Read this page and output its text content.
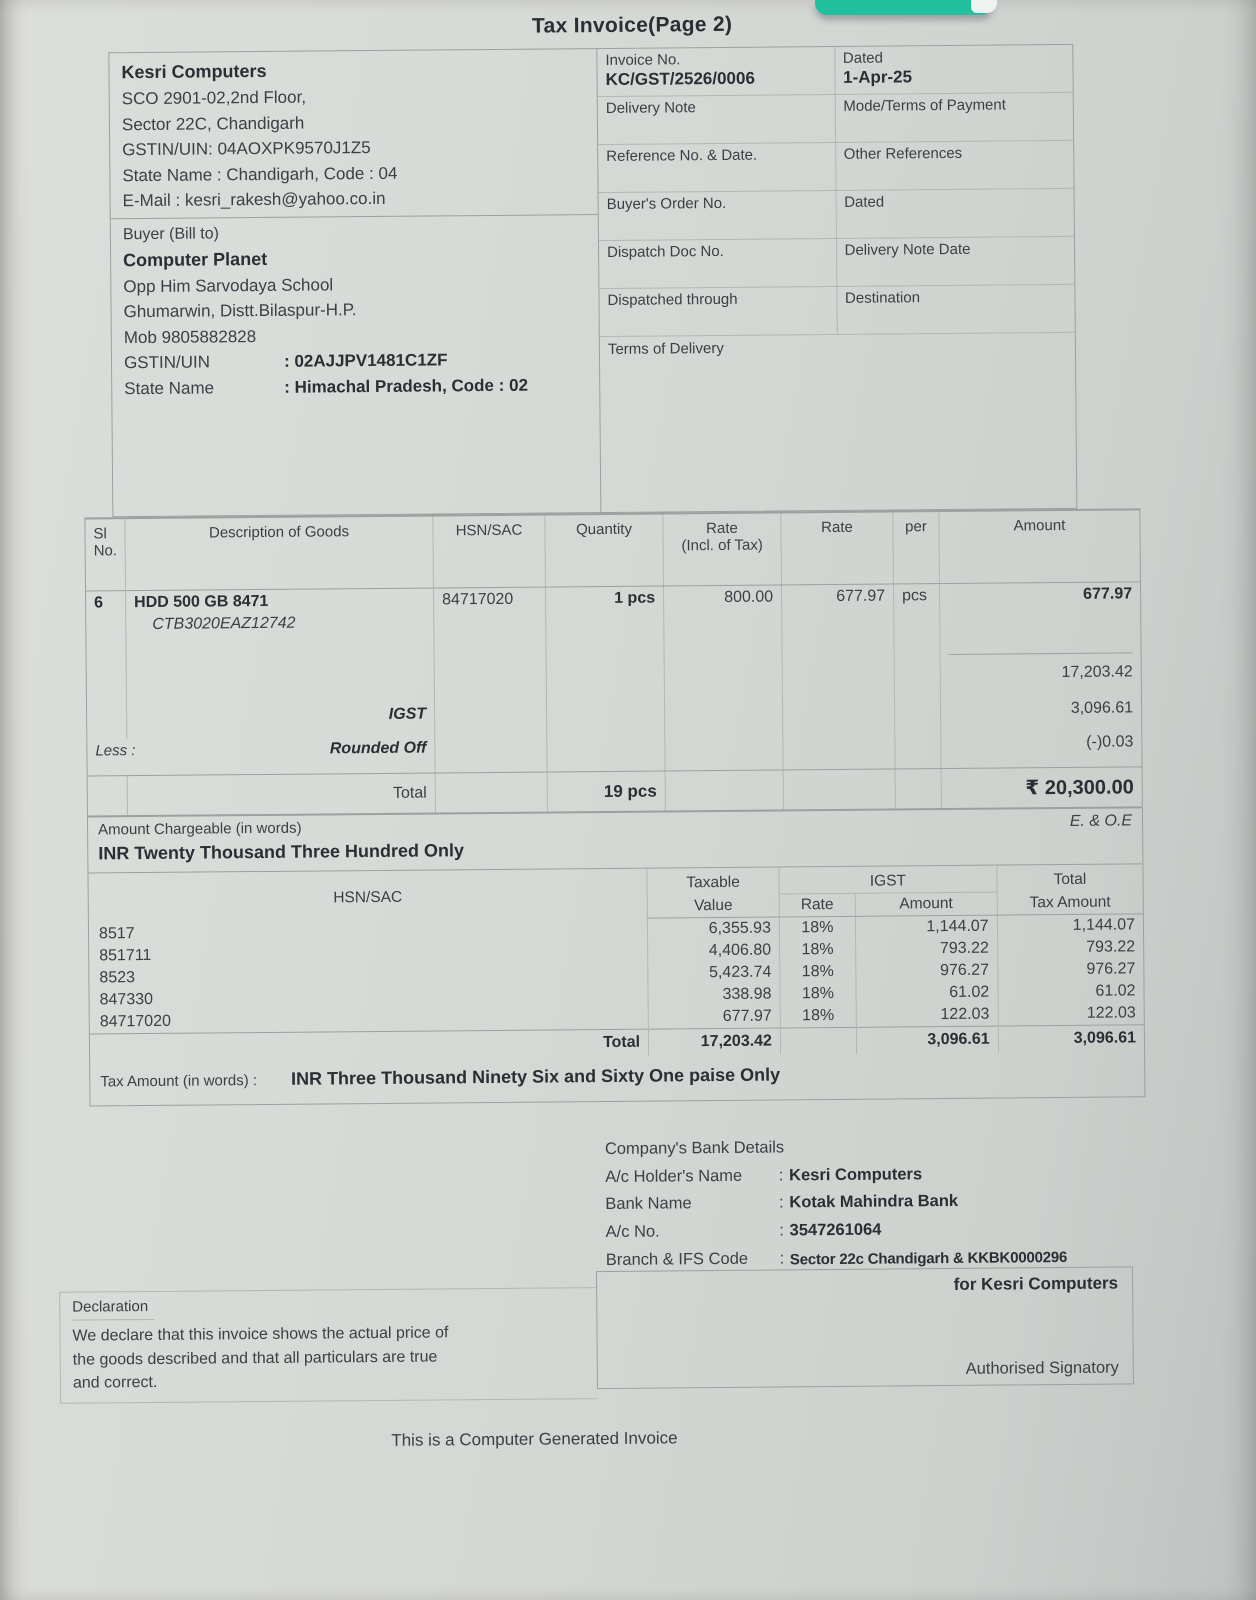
Tax Invoice(Page 2)
Kesri Computers
SCO 2901-02,2nd Floor,
Sector 22C, Chandigarh
GSTIN/UIN: 04AOXPK9570J1Z5
State Name : Chandigarh, Code : 04
E-Mail : kesri_rakesh@yahoo.co.in
Buyer (Bill to)
Computer Planet
Opp Him Sarvodaya School
Ghumarwin, Distt.Bilaspur-H.P.
Mob 9805882828
GSTIN/UIN	: 02AJJPV1481C1ZF
State Name	: Himachal Pradesh, Code : 02
Invoice No.
KC/GST/2526/0006
Dated
1-Apr-25
Delivery Note	Mode/Terms of Payment
Reference No. & Date.	Other References
Buyer's Order No.	Dated
Dispatch Doc No.	Delivery Note Date
Dispatched through	Destination
Terms of Delivery
Sl
No.
Description of Goods	HSN/SAC	Quantity	Rate
(Incl. of Tax)
Rate	per	Amount
6	HDD 500 GB 8471
CTB3020EAZ12742
84717020	1 pcs	800.00	677.97	pcs	677.97
17,203.42
IGST	3,096.61
Less :	Rounded Off	(-)0.03
Total	19 pcs	₹ 20,300.00
Amount Chargeable (in words)	E. & O.E
INR Twenty Thousand Three Hundred Only
HSN/SAC	Taxable	IGST		Total
	Value	Rate	Amount	Tax Amount
8517	6,355.93	18%	1,144.07	1,144.07
851711	4,406.80	18%	793.22	793.22
8523	5,423.74	18%	976.27	976.27
847330	338.98	18%	61.02	61.02
84717020	677.97	18%	122.03	122.03
Total	17,203.42		3,096.61	3,096.61
Tax Amount (in words) : INR Three Thousand Ninety Six and Sixty One paise Only
Company's Bank Details
A/c Holder's Name	: Kesri Computers
Bank Name	: Kotak Mahindra Bank
A/c No.	: 3547261064
Branch & IFS Code	: Sector 22c Chandigarh & KKBK0000296
Declaration
We declare that this invoice shows the actual price of
the goods described and that all particulars are true
and correct.
for Kesri Computers
Authorised Signatory
This is a Computer Generated Invoice
